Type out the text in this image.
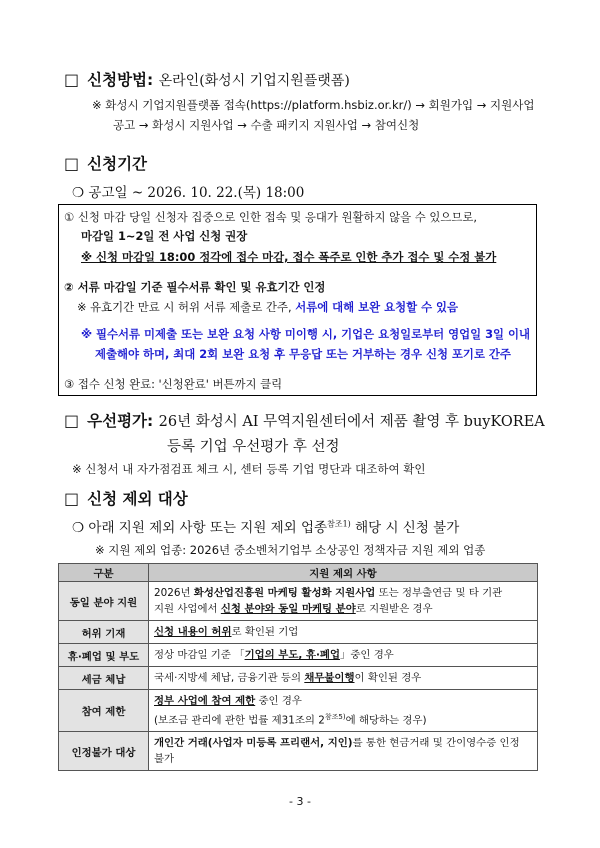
□ 신청방법: 온라인(화성시 기업지원플랫폼)
※ 화성시 기업지원플랫폼 접속(https://platform.hsbiz.or.kr/) → 회원가입 → 지원사업
공고 → 화성시 지원사업 → 수출 패키지 지원사업 → 참여신청
□ 신청기간
❍ 공고일 ~ 2026. 10. 22.(목) 18:00
① 신청 마감 당일 신청자 집중으로 인한 접속 및 응대가 원활하지 않을 수 있으므로,
마감일 1~2일 전 사업 신청 권장
※ 신청 마감일 18:00 정각에 접수 마감, 접수 폭주로 인한 추가 접수 및 수정 불가
② 서류 마감일 기준 필수서류 확인 및 유효기간 인정
※ 유효기간 만료 시 허위 서류 제출로 간주, 서류에 대해 보완 요청할 수 있음
※ 필수서류 미제출 또는 보완 요청 사항 미이행 시, 기업은 요청일로부터 영업일 3일 이내
제출해야 하며, 최대 2회 보완 요청 후 무응답 또는 거부하는 경우 신청 포기로 간주
③ 접수 신청 완료: '신청완료' 버튼까지 클릭
□ 우선평가: 26년 화성시 AI 무역지원센터에서 제품 촬영 후 buyKOREA
등록 기업 우선평가 후 선정
※ 신청서 내 자가점검표 체크 시, 센터 등록 기업 명단과 대조하여 확인
□ 신청 제외 대상
❍ 아래 지원 제외 사항 또는 지원 제외 업종$^{참조1)}$ 해당 시 신청 불가
※ 지원 제외 업종: 2026년 중소벤처기업부 소상공인 정책자금 지원 제외 업종
구분	지원 제외 사항
동일 분야 지원	2026년 화성산업진흥원 마케팅 활성화 지원사업 또는 정부출연금 및 타 기관
지원 사업에서 신청 분야와 동일 마케팅 분야로 지원받은 경우
허위 기재	신청 내용이 허위로 확인된 기업
휴·폐업 및 부도	정상 마감일 기준 「기업의 부도, 휴·폐업」중인 경우
세금 체납	국세·지방세 체납, 금융기관 등의 채무불이행이 확인된 경우
참여 제한	정부 사업에 참여 제한 중인 경우
(보조금 관리에 관한 법률 제31조의 $2^{참조5)}$에 해당하는 경우)
인정불가 대상	개인간 거래(사업자 미등록 프리랜서, 지인)를 통한 현금거래 및 간이영수증 인정
불가
- 3 -
